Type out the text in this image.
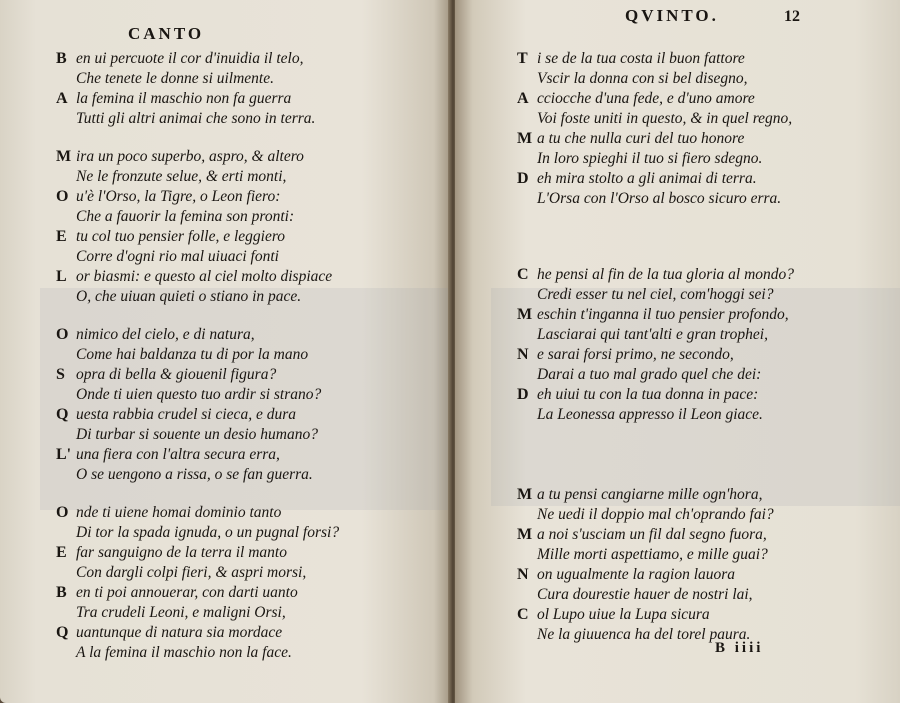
CANTO
B en ui percuote il cor d'inuidia il telo,
Che tenete le donne si uilmente.
A la femina il maschio non fa guerra
Tutti gli altri animai che sono in terra.
M ira un poco superbo, aspro, & altero
Ne le fronzute selue, & erti monti,
O u'è l'Orso, la Tigre, o Leon fiero:
Che a fauorir la femina son pronti:
E tu col tuo pensier folle, e leggiero
Corre d'ogni rio mal uiuaci fonti
L or biasmi: e questo al ciel molto dispiace
O, che uiuan quieti o stiano in pace.
O nimico del cielo, e di natura,
Come hai baldanza tu di por la mano
S opra di bella & giouenil figura?
Onde ti uien questo tuo ardir si strano?
Q uesta rabbia crudel si cieca, e dura
Di turbar si souente un desio humano?
L' una fiera con l'altra secura erra,
O se uengono a rissa, o se fan guerra.
O nde ti uiene homai dominio tanto
Di tor la spada ignuda, o un pugnal forsi?
E far sanguigno de la terra il manto
Con dargli colpi fieri, & aspri morsi,
B en ti poi annouerar, con darti uanto
Tra crudeli Leoni, e maligni Orsi,
Q uantunque di natura sia mordace
A la femina il maschio non la face.
QVINTO.	12
T i se de la tua costa il buon fattore
Vscir la donna con si bel disegno,
A cciocche d'una fede, e d'uno amore
Voi foste uniti in questo, & in quel regno,
M a tu che nulla curi del tuo honore
In loro spieghi il tuo si fiero sdegno.
D eh mira stolto a gli animai di terra.
L'Orsa con l'Orso al bosco sicuro erra.
C he pensi al fin de la tua gloria al mondo?
Credi esser tu nel ciel, com'hoggi sei?
M eschin t'inganna il tuo pensier profondo,
Lasciarai qui tant'alti e gran trophei,
N e sarai forsi primo, ne secondo,
Darai a tuo mal grado quel che dei:
D eh uiui tu con la tua donna in pace:
La Leonessa appresso il Leon giace.
M a tu pensi cangiarne mille ogn'hora,
Ne uedi il doppio mal ch'oprando fai?
M a noi s'usciam un fil dal segno fuora,
Mille morti aspettiamo, e mille guai?
N on ugualmente la ragion lauora
Cura dourestie hauer de nostri lai,
C ol Lupo uiue la Lupa sicura
Ne la giuuenca ha del torel paura.
B iiii
